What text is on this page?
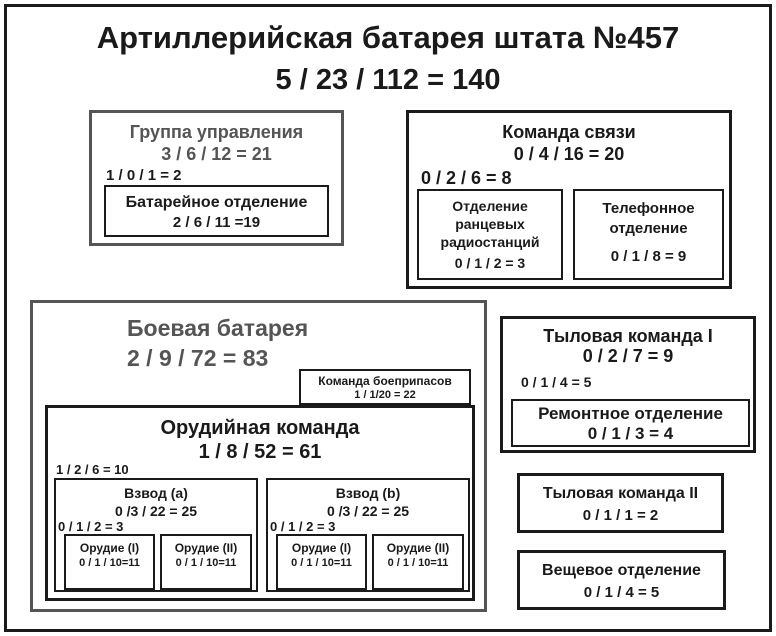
Артиллерийская батарея штата №457
5 / 23 / 112 = 140
Группа управления
3 / 6 / 12 = 21
1 / 0 / 1 = 2
Батарейное отделение
2 / 6 / 11 =19
Команда связи
0 / 4 / 16 = 20
0 / 2 / 6 = 8
Отделение
ранцевых
радиостанций
0 / 1 / 2 = 3
Телефонное
отделение
0 / 1 / 8 = 9
Боевая батарея
2 / 9 / 72 = 83
Команда боеприпасов
1 / 1/20 = 22
Орудийная команда
1 / 8 / 52 = 61
1 / 2 / 6 = 10
Взвод (a)
0 /3 / 22 = 25
0 / 1 / 2 = 3
Орудие (I)
0 / 1 / 10=11
Орудие (II)
0 / 1 / 10=11
Взвод (b)
0 /3 / 22 = 25
0 / 1 / 2 = 3
Орудие (I)
0 / 1 / 10=11
Орудие (II)
0 / 1 / 10=11
Тыловая команда I
0 / 2 / 7 = 9
0 / 1 / 4 = 5
Ремонтное отделение
0 / 1 / 3 = 4
Тыловая команда II
0 / 1 / 1 = 2
Вещевое отделение
0 / 1 / 4 = 5
